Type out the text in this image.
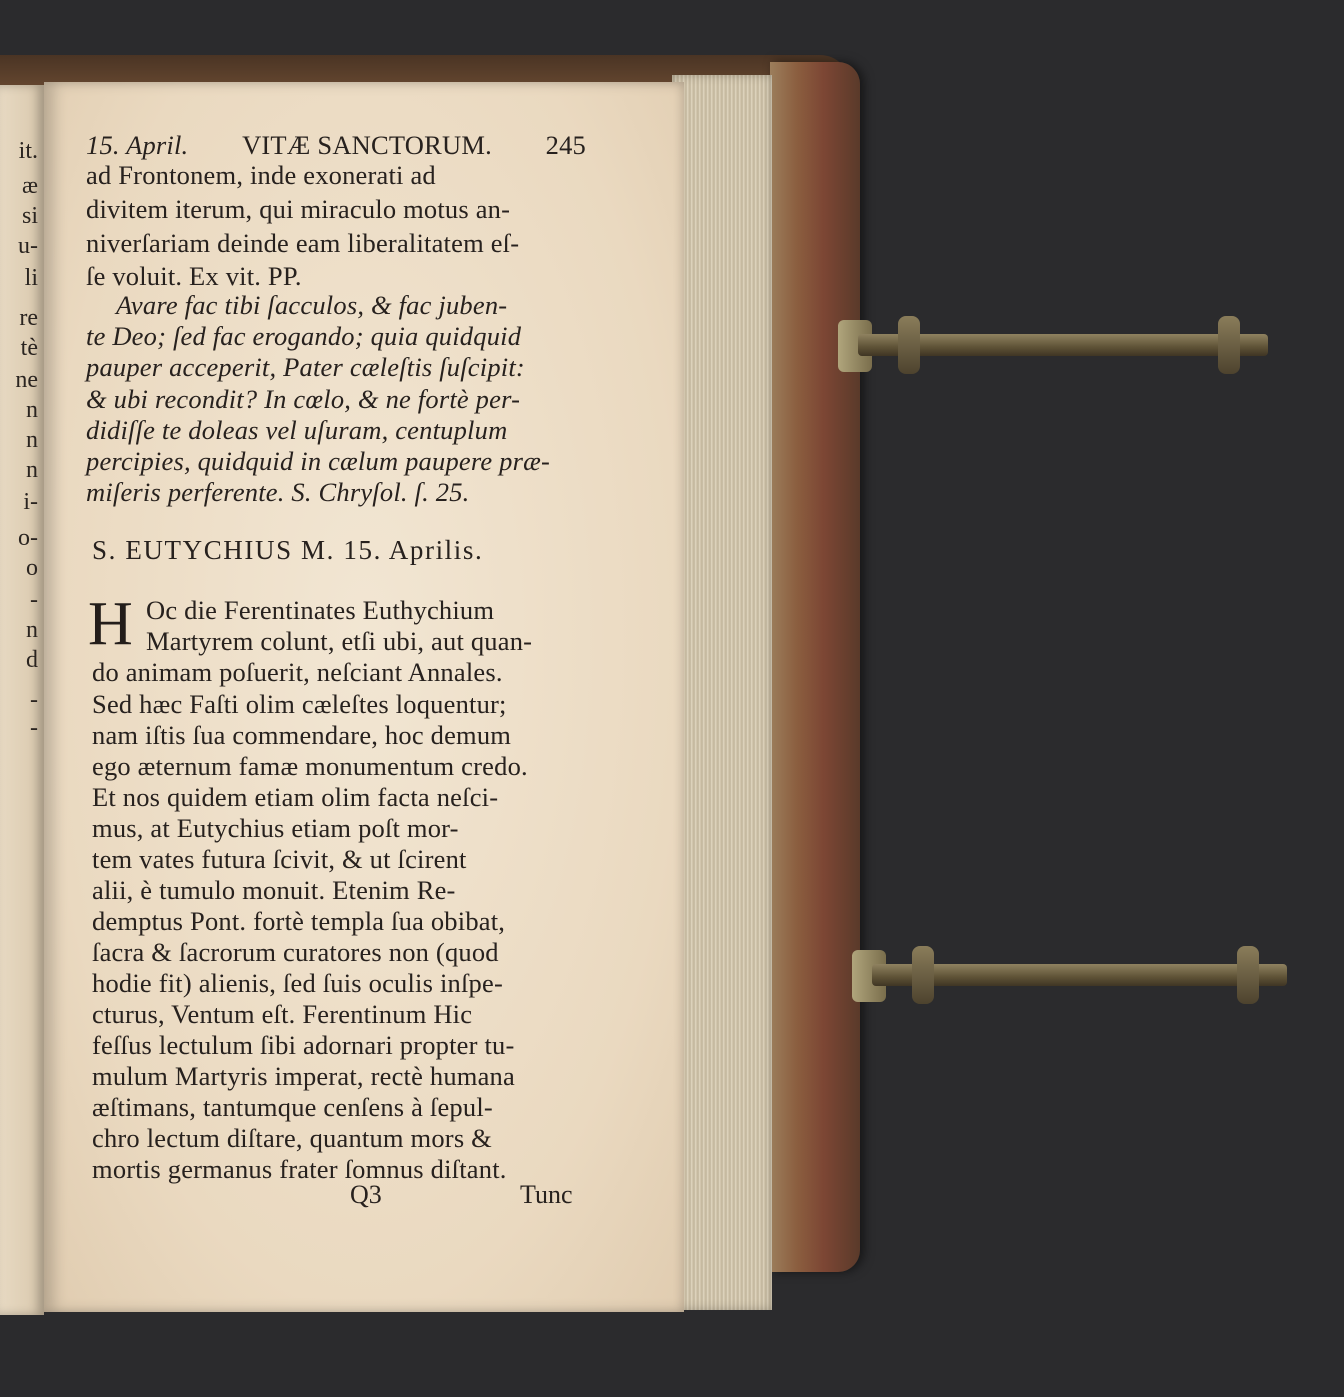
it.
æ
si
u-
li
re
tè
ne
n
n
n
i-
o-
o
-
n
d
-
-
15. April. VITÆ SANCTORUM. 245
ad Frontonem, inde exonerati ad
divitem iterum, qui miraculo motus an-
niverſariam deinde eam liberalitatem eſ-
ſe voluit. Ex vit. PP.
Avare fac tibi ſacculos, & fac juben-
te Deo; ſed fac erogando; quia quidquid
pauper acceperit, Pater cæleſtis ſuſcipit:
& ubi recondit? In cœlo, & ne fortè per-
didiſſe te doleas vel uſuram, centuplum
percipies, quidquid in cælum paupere præ-
miſeris perferente. S. Chryſol. ſ. 25.
S. EUTYCHIUS M. 15. Aprilis.
H Oc die Ferentinates Euthychium
Martyrem colunt, etſi ubi, aut quan-
do animam poſuerit, neſciant Annales.
Sed hæc Faſti olim cæleſtes loquentur;
nam iſtis ſua commendare, hoc demum
ego æternum famæ monumentum credo.
Et nos quidem etiam olim facta neſci-
mus, at Eutychius etiam poſt mor-
tem vates futura ſcivit, & ut ſcirent
alii, è tumulo monuit. Etenim Re-
demptus Pont. fortè templa ſua obibat,
ſacra & ſacrorum curatores non (quod
hodie fit) alienis, ſed ſuis oculis inſpe-
cturus, Ventum eſt. Ferentinum Hic
feſſus lectulum ſibi adornari propter tu-
mulum Martyris imperat, rectè humana
æſtimans, tantumque cenſens à ſepul-
chro lectum diſtare, quantum mors &
mortis germanus frater ſomnus diſtant.
Q3	Tunc
